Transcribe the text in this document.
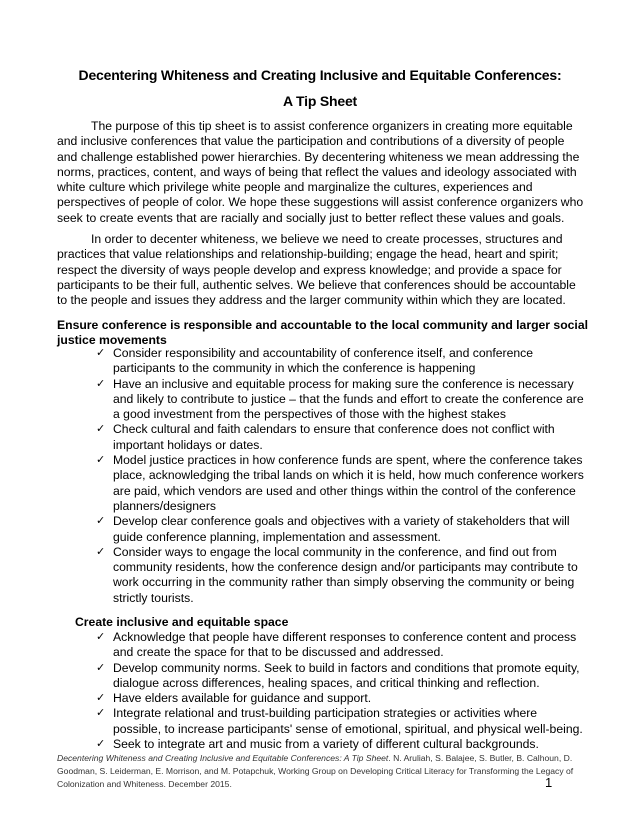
Decentering Whiteness and Creating Inclusive and Equitable Conferences:
A Tip Sheet
The purpose of this tip sheet is to assist conference organizers in creating more equitable and inclusive conferences that value the participation and contributions of a diversity of people and challenge established power hierarchies. By decentering whiteness we mean addressing the norms, practices, content, and ways of being that reflect the values and ideology associated with white culture which privilege white people and marginalize the cultures, experiences and perspectives of people of color. We hope these suggestions will assist conference organizers who seek to create events that are racially and socially just to better reflect these values and goals.
In order to decenter whiteness, we believe we need to create processes, structures and practices that value relationships and relationship-building; engage the head, heart and spirit; respect the diversity of ways people develop and express knowledge; and provide a space for participants to be their full, authentic selves. We believe that conferences should be accountable to the people and issues they address and the larger community within which they are located.
Ensure conference is responsible and accountable to the local community and larger social justice movements
✓ Consider responsibility and accountability of conference itself, and conference participants to the community in which the conference is happening
✓ Have an inclusive and equitable process for making sure the conference is necessary and likely to contribute to justice – that the funds and effort to create the conference are a good investment from the perspectives of those with the highest stakes
✓ Check cultural and faith calendars to ensure that conference does not conflict with important holidays or dates.
✓ Model justice practices in how conference funds are spent, where the conference takes place, acknowledging the tribal lands on which it is held, how much conference workers are paid, which vendors are used and other things within the control of the conference planners/designers
✓ Develop clear conference goals and objectives with a variety of stakeholders that will guide conference planning, implementation and assessment.
✓ Consider ways to engage the local community in the conference, and find out from community residents, how the conference design and/or participants may contribute to work occurring in the community rather than simply observing the community or being strictly tourists.
Create inclusive and equitable space
✓ Acknowledge that people have different responses to conference content and process and create the space for that to be discussed and addressed.
✓ Develop community norms. Seek to build in factors and conditions that promote equity, dialogue across differences, healing spaces, and critical thinking and reflection.
✓ Have elders available for guidance and support.
✓ Integrate relational and trust-building participation strategies or activities where possible, to increase participants' sense of emotional, spiritual, and physical well-being.
✓ Seek to integrate art and music from a variety of different cultural backgrounds.
Decentering Whiteness and Creating Inclusive and Equitable Conferences: A Tip Sheet. N. Aruliah, S. Balajee, S. Butler, B. Calhoun, D. Goodman, S. Leiderman, E. Morrison, and M. Potapchuk, Working Group on Developing Critical Literacy for Transforming the Legacy of Colonization and Whiteness. December 2015.	1
